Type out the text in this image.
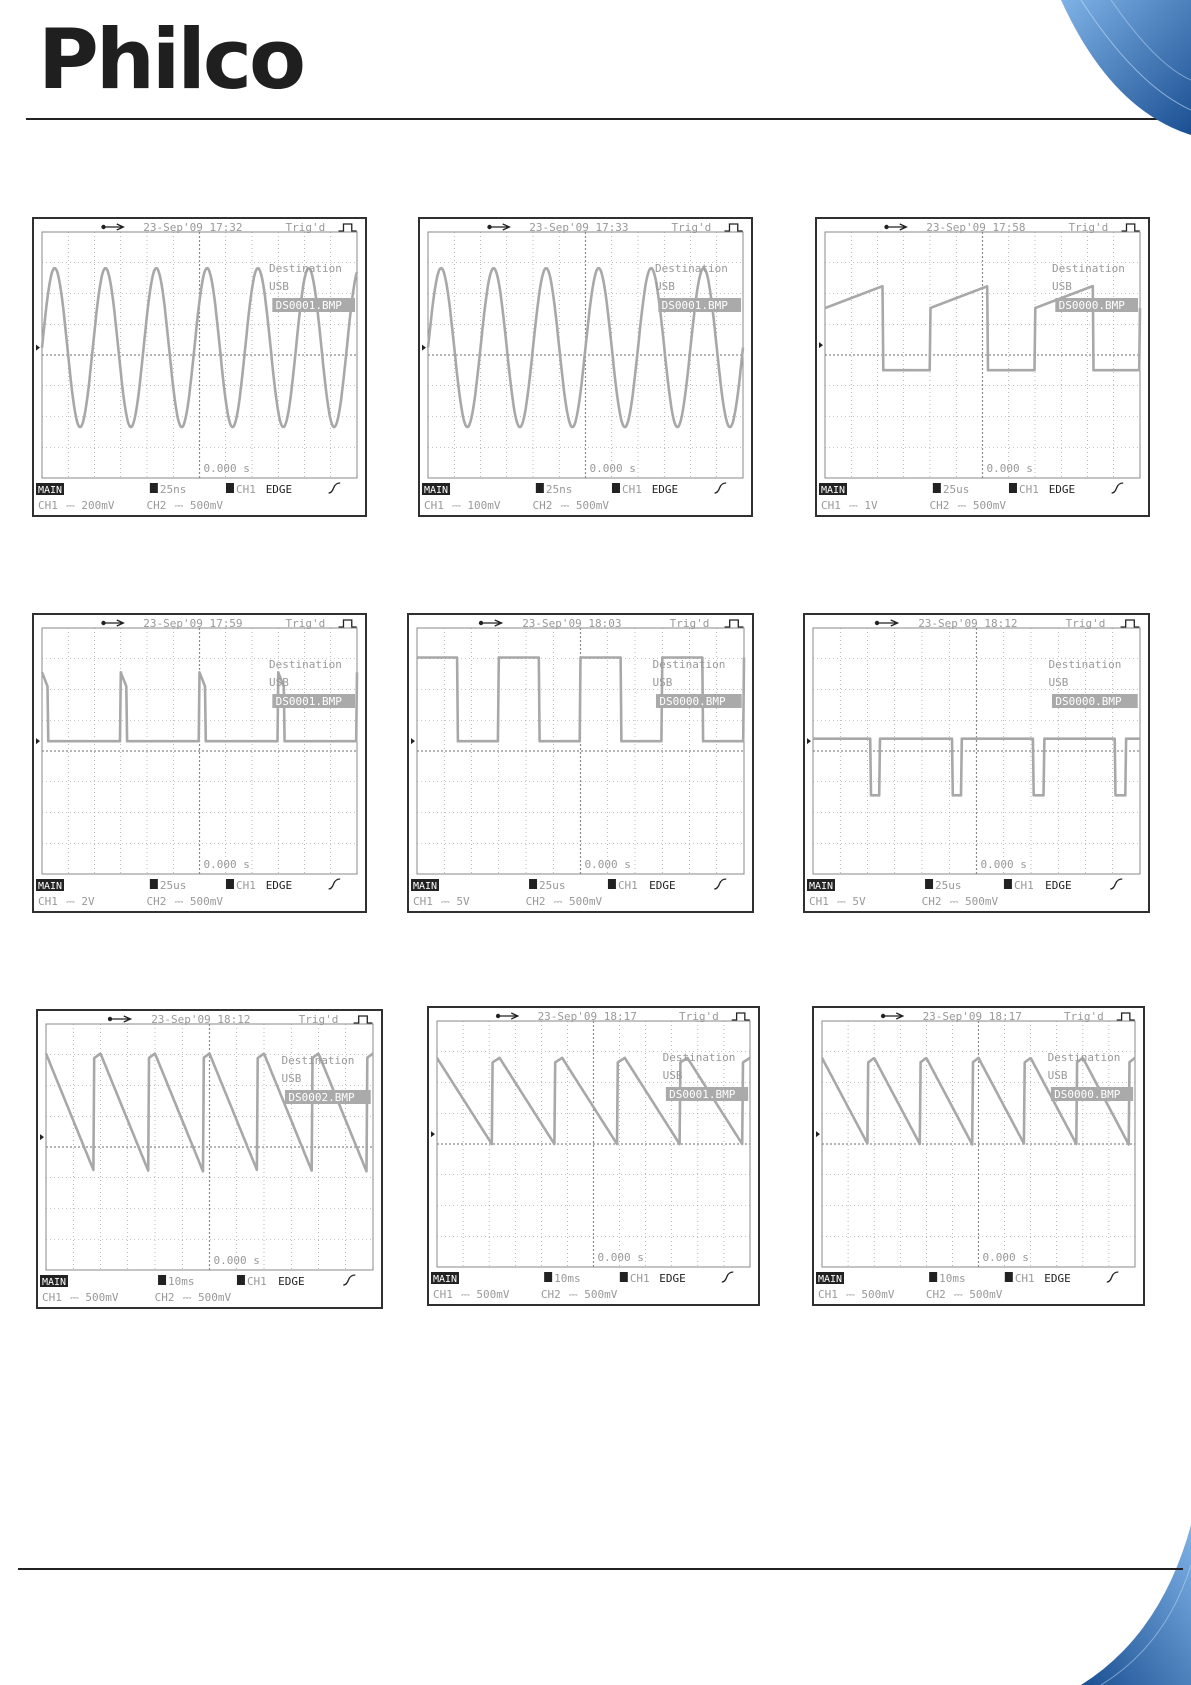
Philco
23-Sep'09 17:32	Trig'd
Destination
USB
DS0001.BMP
0.000 s
MAIN	25ns	CH1 EDGE
CH1 ⎓ 200mV	CH2 ⎓ 500mV
23-Sep'09 17:33	Trig'd
Destination
USB
DS0001.BMP
0.000 s
MAIN	25ns	CH1 EDGE
CH1 ⎓ 100mV	CH2 ⎓ 500mV
23-Sep'09 17:58	Trig'd
Destination
USB
DS0000.BMP
0.000 s
MAIN	25us	CH1 EDGE
CH1 ⎓ 1V	CH2 ⎓ 500mV
23-Sep'09 17:59	Trig'd
Destination
USB
DS0001.BMP
0.000 s
MAIN	25us	CH1 EDGE
CH1 ⎓ 2V	CH2 ⎓ 500mV
23-Sep'09 18:03	Trig'd
Destination
USB
DS0000.BMP
0.000 s
MAIN	25us	CH1 EDGE
CH1 ⎓ 5V	CH2 ⎓ 500mV
23-Sep'09 18:12	Trig'd
Destination
USB
DS0000.BMP
0.000 s
MAIN	25us	CH1 EDGE
CH1 ⎓ 5V	CH2 ⎓ 500mV
23-Sep'09 18:12	Trig'd
Destination
USB
DS0002.BMP
0.000 s
MAIN	10ms	CH1 EDGE
CH1 ⎓ 500mV	CH2 ⎓ 500mV
23-Sep'09 18:17	Trig'd
Destination
USB
DS0001.BMP
0.000 s
MAIN	10ms	CH1 EDGE
CH1 ⎓ 500mV	CH2 ⎓ 500mV
23-Sep'09 18:17	Trig'd
Destination
USB
DS0000.BMP
0.000 s
MAIN	10ms	CH1 EDGE
CH1 ⎓ 500mV	CH2 ⎓ 500mV
